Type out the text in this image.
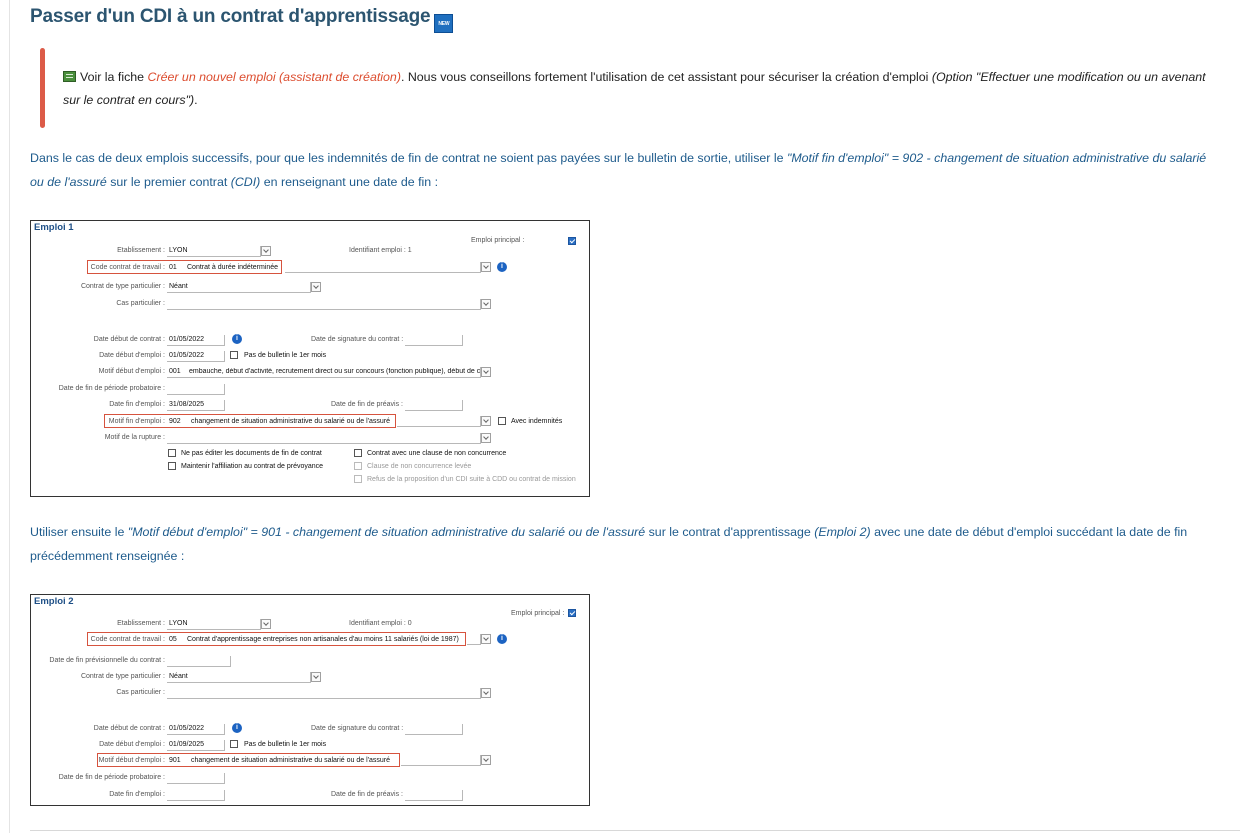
Passer d'un CDI à un contrat d'apprentissage NEW
Voir la fiche Créer un nouvel emploi (assistant de création). Nous vous conseillons fortement l'utilisation de cet assistant pour sécuriser la création d'emploi (Option "Effectuer une modification ou un avenant sur le contrat en cours").
Dans le cas de deux emplois successifs, pour que les indemnités de fin de contrat ne soient pas payées sur le bulletin de sortie, utiliser le "Motif fin d'emploi" = 902 - changement de situation administrative du salarié ou de l'assuré sur le premier contrat (CDI) en renseignant une date de fin :
Emploi 1
Emploi principal :
Etablissement : LYON	Identifiant emploi : 1
Code contrat de travail : 01 Contrat à durée indéterminée	i
Contrat de type particulier : Néant
Cas particulier :
Date début de contrat : 01/05/2022	i	Date de signature du contrat :
Date début d'emploi : 01/05/2022	Pas de bulletin le 1er mois
Motif début d'emploi : 001 embauche, début d'activité, recrutement direct ou sur concours (fonction publique), début de c
Date de fin de période probatoire :
Date fin d'emploi : 31/08/2025	Date de fin de préavis :
Motif fin d'emploi : 902 changement de situation administrative du salarié ou de l'assuré	Avec indemnités
Motif de la rupture :
Ne pas éditer les documents de fin de contrat
Maintenir l'affiliation au contrat de prévoyance
Contrat avec une clause de non concurrence
Clause de non concurrence levée
Refus de la proposition d'un CDI suite à CDD ou contrat de mission
Utiliser ensuite le "Motif début d'emploi" = 901 - changement de situation administrative du salarié ou de l'assuré sur le contrat d'apprentissage (Emploi 2) avec une date de début d'emploi succédant la date de fin précédemment renseignée :
Emploi 2
Emploi principal :
Etablissement : LYON	Identifiant emploi : 0
Code contrat de travail : 05 Contrat d'apprentissage entreprises non artisanales d'au moins 11 salariés (loi de 1987)	i
Date de fin prévisionnelle du contrat :
Contrat de type particulier : Néant
Cas particulier :
Date début de contrat : 01/05/2022	i	Date de signature du contrat :
Date début d'emploi : 01/09/2025	Pas de bulletin le 1er mois
Motif début d'emploi : 901 changement de situation administrative du salarié ou de l'assuré
Date de fin de période probatoire :
Date fin d'emploi :	Date de fin de préavis :
